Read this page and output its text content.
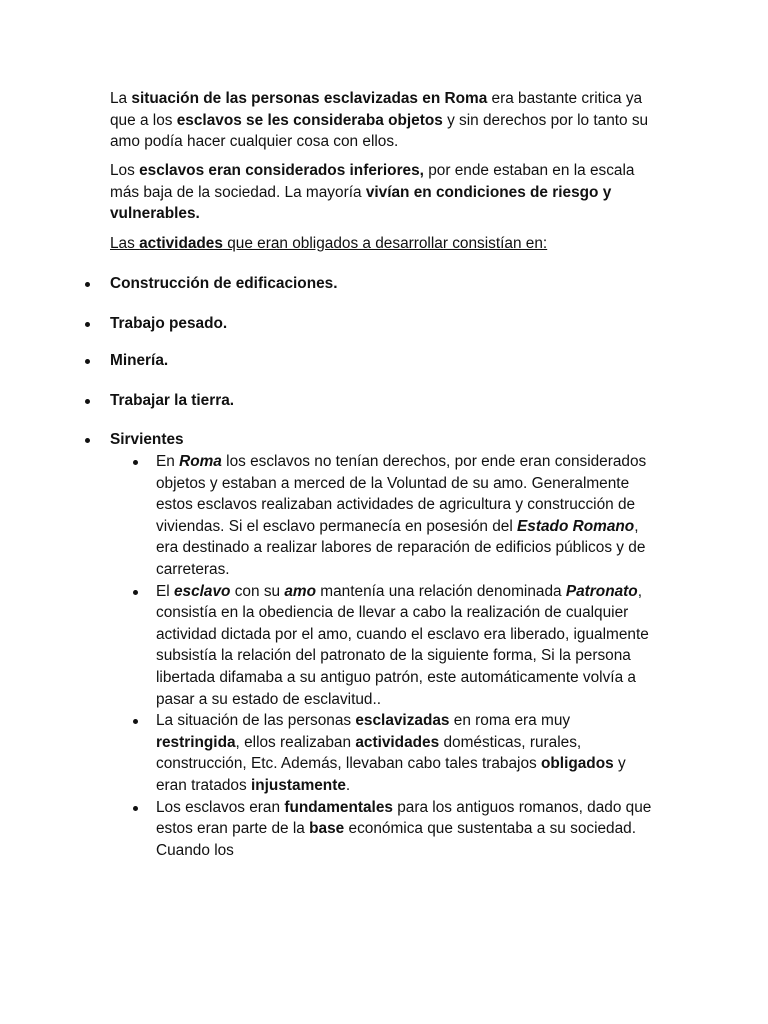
La situación de las personas esclavizadas en Roma era bastante critica ya que a los esclavos se les consideraba objetos y sin derechos por lo tanto su amo podía hacer cualquier cosa con ellos.

Los esclavos eran considerados inferiores, por ende estaban en la escala más baja de la sociedad. La mayoría vivían en condiciones de riesgo y vulnerables.

Las actividades que eran obligados a desarrollar consistían en:

Construcción de edificaciones.

Trabajo pesado.

Minería.

Trabajar la tierra.

Sirvientes

En Roma los esclavos no tenían derechos, por ende eran considerados objetos y estaban a merced de la Voluntad de su amo. Generalmente estos esclavos realizaban actividades de agricultura y construcción de viviendas. Si el esclavo permanecía en posesión del Estado Romano, era destinado a realizar labores de reparación de edificios públicos y de carreteras.
El esclavo con su amo mantenía una relación denominada Patronato, consistía en la obediencia de llevar a cabo la realización de cualquier actividad dictada por el amo, cuando el esclavo era liberado, igualmente subsistía la relación del patronato de la siguiente forma, Si la persona libertada difamaba a su antiguo patrón, este automáticamente volvía a pasar a su estado de esclavitud..
La situación de las personas esclavizadas en roma era muy restringida, ellos realizaban actividades domésticas, rurales, construcción, Etc. Además, llevaban cabo tales trabajos obligados y eran tratados injustamente.
Los esclavos eran fundamentales para los antiguos romanos, dado que estos eran parte de la base económica que sustentaba a su sociedad. Cuando los
